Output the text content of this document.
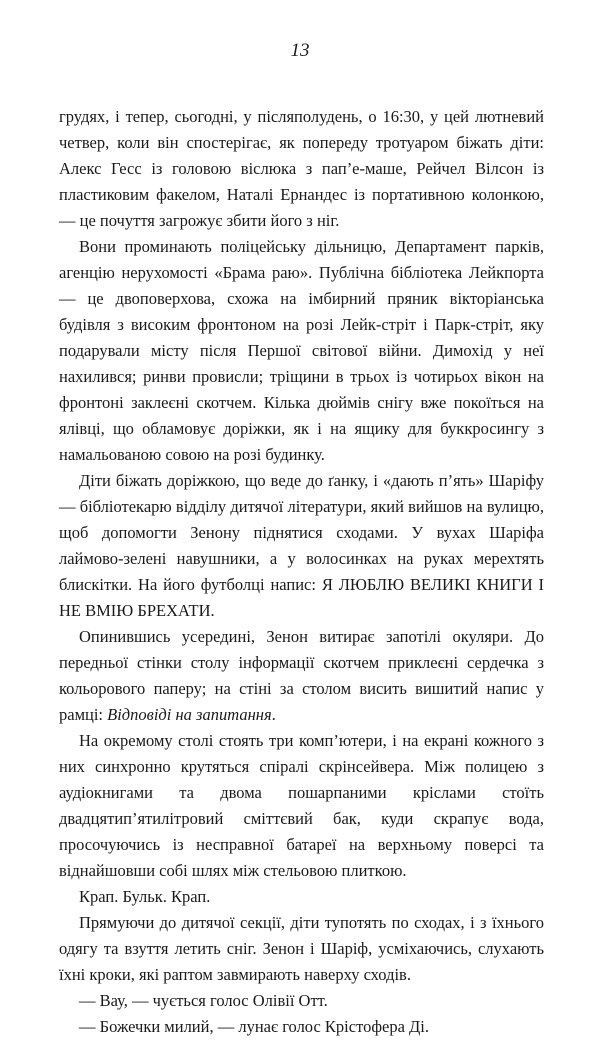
13

грудях, і тепер, сьогодні, у післяполудень, о 16:30, у цей лютневий четвер, коли він спостерігає, як попереду тротуаром біжать діти: Алекс Гесс із головою віслюка з пап’е-маше, Рейчел Вілсон із пластиковим факелом, Наталі Ернандес із портативною колонкою, — це почуття загрожує збити його з ніг.

Вони проминають поліцейську дільницю, Департамент парків, агенцію нерухомості «Брама раю». Публічна бібліотека Лейкпорта — це двоповерхова, схожа на імбирний пряник вікторіанська будівля з високим фронтоном на розі Лейк-стріт і Парк-стріт, яку подарували місту після Першої світової війни. Димохід у неї нахилився; ринви провисли; тріщини в трьох із чотирьох вікон на фронтоні заклеєні скотчем. Кілька дюймів снігу вже покоїться на ялівці, що обламовує доріжки, як і на ящику для буккросингу з намальованою совою на розі будинку.

Діти біжать доріжкою, що веде до ґанку, і «дають п’ять» Шаріфу — бібліотекарю відділу дитячої літератури, який вийшов на вулицю, щоб допомогти Зенону піднятися сходами. У вухах Шаріфа лаймово-зелені навушники, а у волосинках на руках мерехтять блискітки. На його футболці напис: Я ЛЮБЛЮ ВЕЛИКІ КНИГИ І НЕ ВМІЮ БРЕХАТИ.

Опинившись усередині, Зенон витирає запотілі окуляри. До передньої стінки столу інформації скотчем приклеєні сердечка з кольорового паперу; на стіні за столом висить вишитий напис у рамці: Відповіді на запитання.

На окремому столі стоять три комп’ютери, і на екрані кожного з них синхронно крутяться спіралі скрінсейвера. Між полицею з аудіокнигами та двома пошарпаними кріслами стоїть двадцятип’ятилітровий сміттєвий бак, куди скрапує вода, просочуючись із несправної батареї на верхньому поверсі та віднайшовши собі шлях між стельовою плиткою.

Крап. Бульк. Крап.

Прямуючи до дитячої секції, діти тупотять по сходах, і з їхнього одягу та взуття летить сніг. Зенон і Шаріф, усміхаючись, слухають їхні кроки, які раптом завмирають наверху сходів.

— Вау, — чується голос Олівії Отт.

— Божечки милий, — лунає голос Крістофера Ді.
